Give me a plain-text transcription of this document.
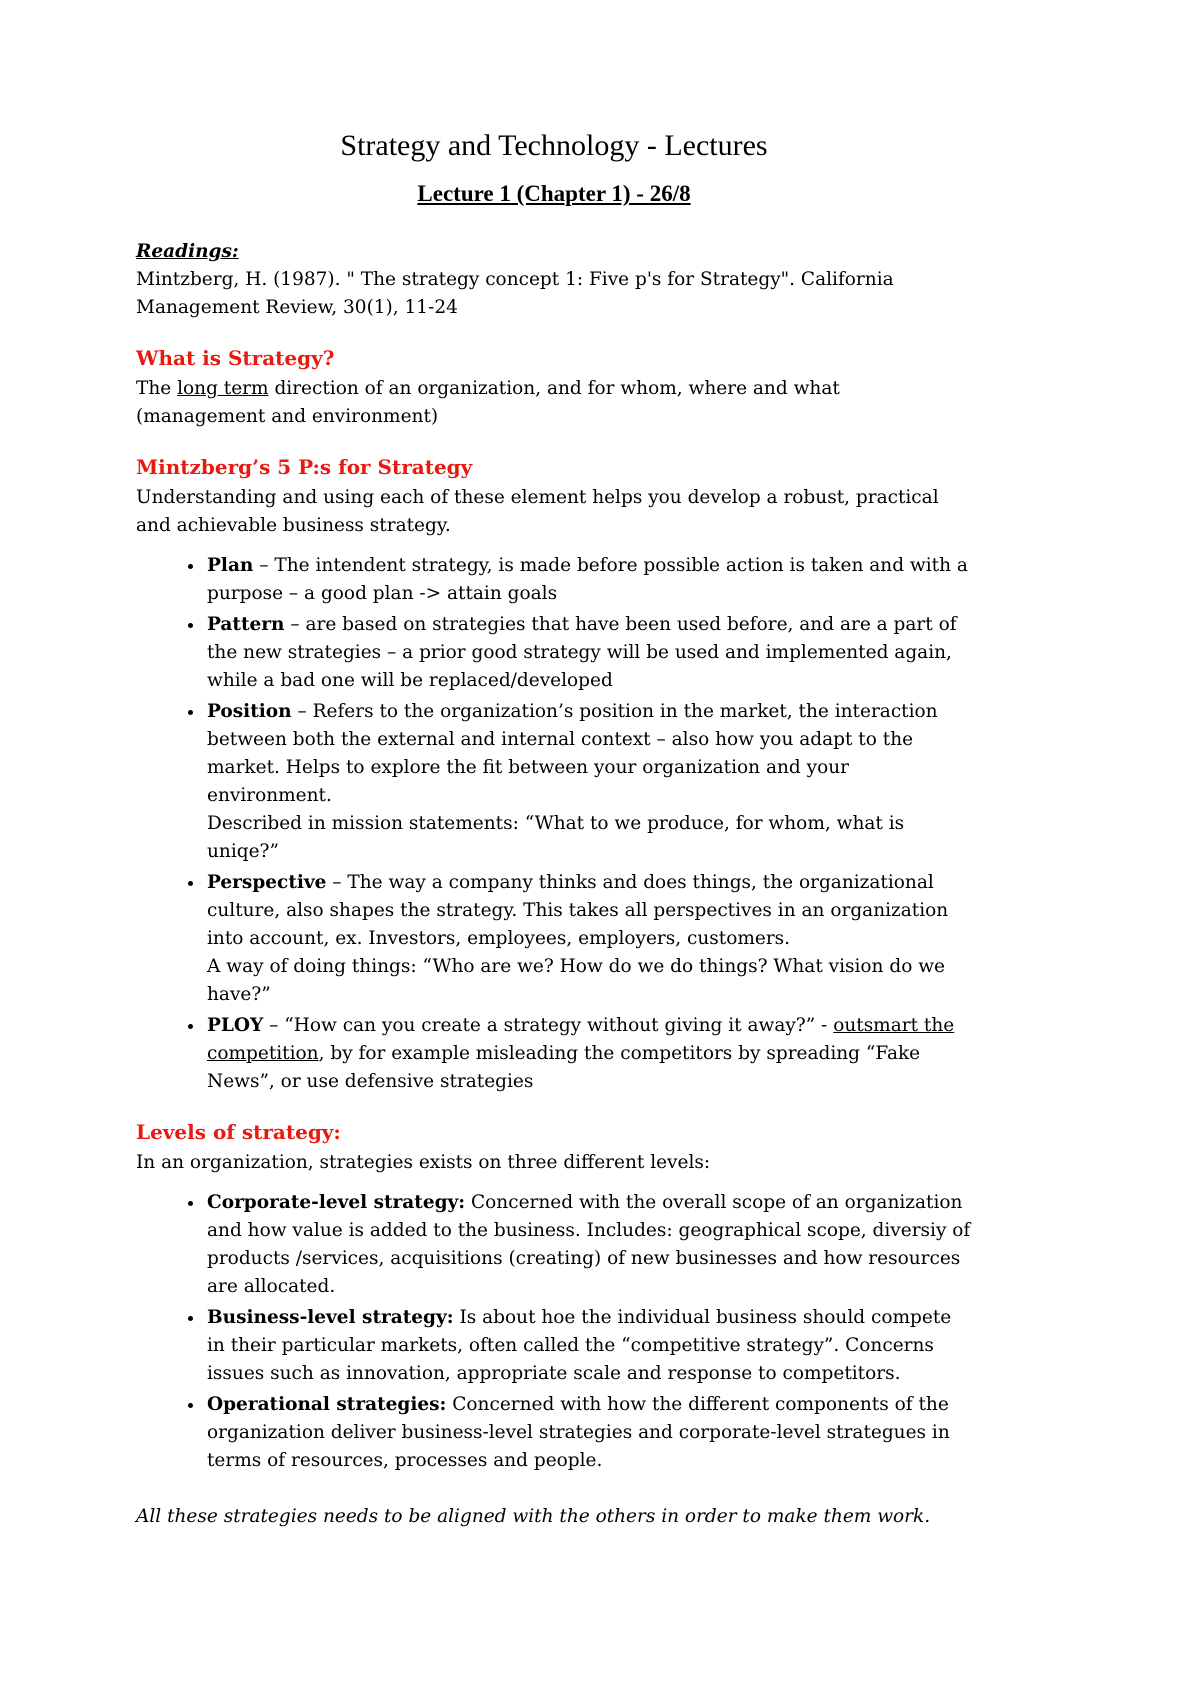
Strategy and Technology - Lectures
Lecture 1 (Chapter 1) - 26/8

Readings:

Mintzberg, H. (1987). " The strategy concept 1: Five p's for Strategy". California Management Review, 30(1), 11-24

What is Strategy?

The long term direction of an organization, and for whom, where and what (management and environment)

Mintzberg’s 5 P:s for Strategy

Understanding and using each of these element helps you develop a robust, practical and achievable business strategy.

• Plan – The intendent strategy, is made before possible action is taken and with a purpose – a good plan -> attain goals
• Pattern – are based on strategies that have been used before, and are a part of the new strategies – a prior good strategy will be used and implemented again, while a bad one will be replaced/developed
• Position – Refers to the organization’s position in the market, the interaction between both the external and internal context – also how you adapt to the market. Helps to explore the fit between your organization and your environment.
Described in mission statements: “What to we produce, for whom, what is uniqe?”
• Perspective – The way a company thinks and does things, the organizational culture, also shapes the strategy. This takes all perspectives in an organization into account, ex. Investors, employees, employers, customers.
A way of doing things: “Who are we? How do we do things? What vision do we have?”
• PLOY – “How can you create a strategy without giving it away?” - outsmart the competition, by for example misleading the competitors by spreading “Fake News”, or use defensive strategies
Levels of strategy:

In an organization, strategies exists on three different levels:

• Corporate-level strategy: Concerned with the overall scope of an organization and how value is added to the business. Includes: geographical scope, diversiy of products /services, acquisitions (creating) of new businesses and how resources are allocated.
• Business-level strategy: Is about hoe the individual business should compete in their particular markets, often called the “competitive strategy”. Concerns issues such as innovation, appropriate scale and response to competitors.
• Operational strategies: Concerned with how the different components of the organization deliver business-level strategies and corporate-level strategues in terms of resources, processes and people.

All these strategies needs to be aligned with the others in order to make them work.
